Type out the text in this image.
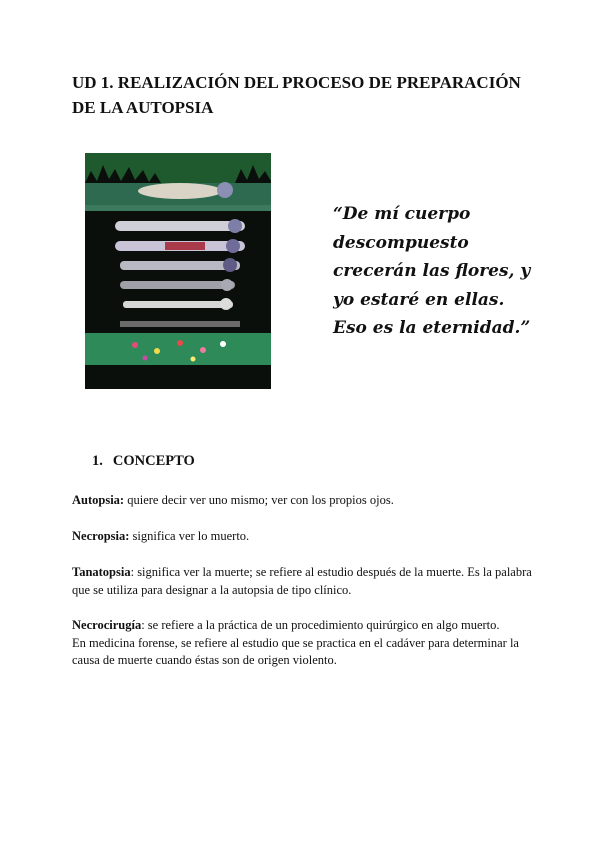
UD 1. REALIZACIÓN DEL PROCESO DE PREPARACIÓN DE LA AUTOPSIA

“De mí cuerpo descompuesto crecerán las flores, y yo estaré en ellas. Eso es la eternidad.”

1. CONCEPTO

Autopsia: quiere decir ver uno mismo; ver con los propios ojos.

Necropsia: significa ver lo muerto.

Tanatopsia: significa ver la muerte; se refiere al estudio después de la muerte. Es la palabra que se utiliza para designar a la autopsia de tipo clínico.

Necrocirugía: se refiere a la práctica de un procedimiento quirúrgico en algo muerto.
En medicina forense, se refiere al estudio que se practica en el cadáver para determinar la causa de muerte cuando éstas son de origen violento.
